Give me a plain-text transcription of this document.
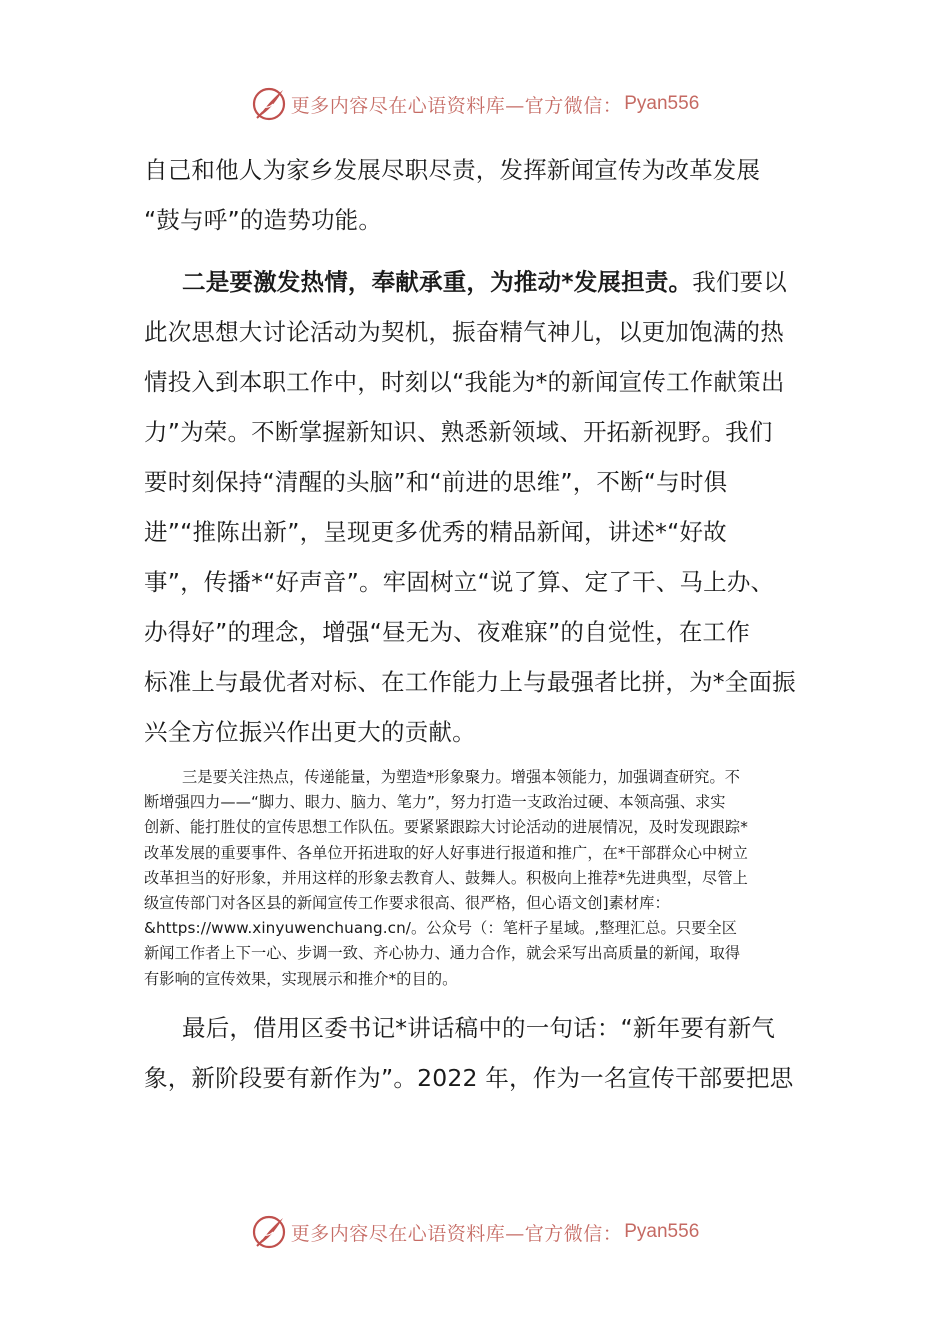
更多内容尽在心语资料库—官方微信： Pyan556
自己和他人为家乡发展尽职尽责，发挥新闻宣传为改革发展
“鼓与呼”的造势功能。
二是要激发热情，奉献承重，为推动*发展担责。我们要以
此次思想大讨论活动为契机，振奋精气神儿，以更加饱满的热
情投入到本职工作中，时刻以“我能为*的新闻宣传工作献策出
力”为荣。不断掌握新知识、熟悉新领域、开拓新视野。我们
要时刻保持“清醒的头脑”和“前进的思维”，不断“与时俱
进”“推陈出新”，呈现更多优秀的精品新闻，讲述*“好故
事”，传播*“好声音”。牢固树立“说了算、定了干、马上办、
办得好”的理念，增强“昼无为、夜难寐”的自觉性，在工作
标准上与最优者对标、在工作能力上与最强者比拼，为*全面振
兴全方位振兴作出更大的贡献。
三是要关注热点，传递能量，为塑造*形象聚力。增强本领能力，加强调查研究。不
断增强四力——“脚力、眼力、脑力、笔力”，努力打造一支政治过硬、本领高强、求实
创新、能打胜仗的宣传思想工作队伍。要紧紧跟踪大讨论活动的进展情况，及时发现跟踪*
改革发展的重要事件、各单位开拓进取的好人好事进行报道和推广，在*干部群众心中树立
改革担当的好形象，并用这样的形象去教育人、鼓舞人。积极向上推荐*先进典型，尽管上
级宣传部门对各区县的新闻宣传工作要求很高、很严格，但心语文创]素材库：
&https://www.xinyuwenchuang.cn/。公众号（：笔杆子星域。,整理汇总。只要全区
新闻工作者上下一心、步调一致、齐心协力、通力合作，就会采写出高质量的新闻，取得
有影响的宣传效果，实现展示和推介*的目的。
最后，借用区委书记*讲话稿中的一句话：“新年要有新气
象，新阶段要有新作为”。2022 年，作为一名宣传干部要把思
更多内容尽在心语资料库—官方微信： Pyan556
